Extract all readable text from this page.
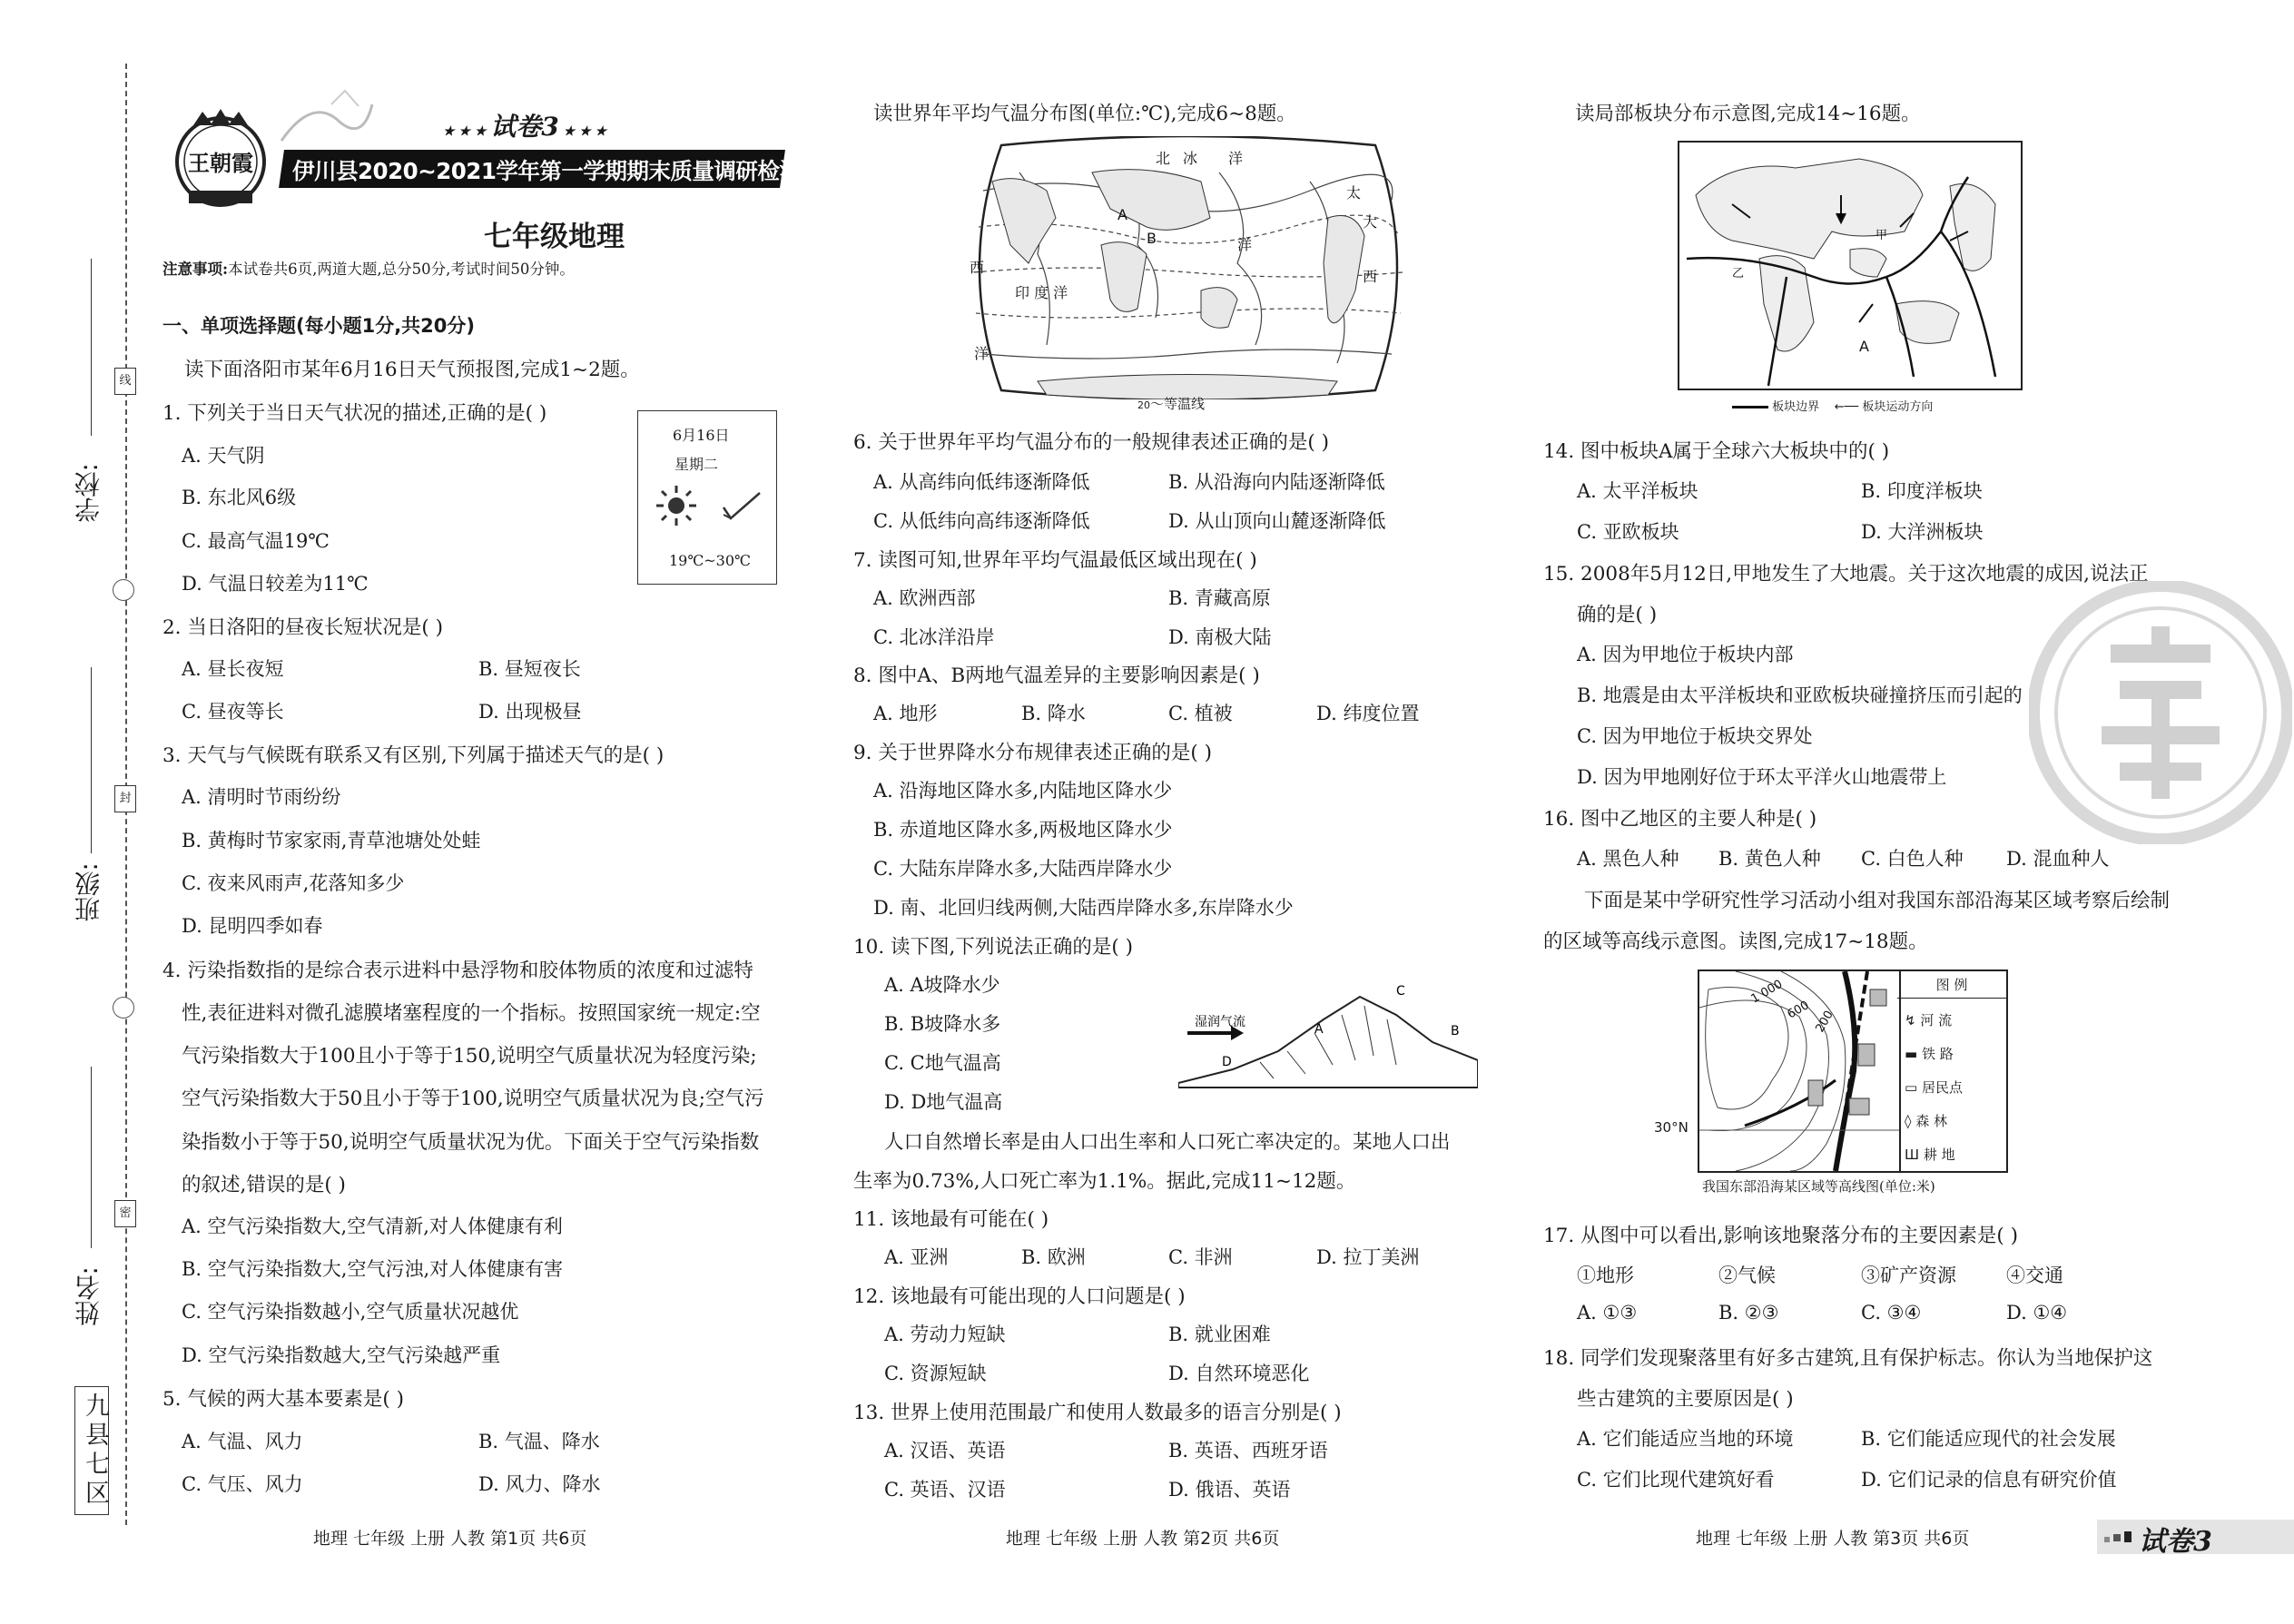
线
封
密
学校:
班级:
姓名:
九县七区
王朝霞
★ ★ ★ 试卷3 ★ ★ ★
伊川县2020~2021学年第一学期期末质量调研检测试卷
七年级地理
注意事项:本试卷共6页,两道大题,总分50分,考试时间50分钟。
一、单项选择题(每小题1分,共20分)
读下面洛阳市某年6月16日天气预报图,完成1~2题。
6月16日
星期二
19℃~30℃
1. 下列关于当日天气状况的描述,正确的是( )
A. 天气阴
B. 东北风6级
C. 最高气温19℃
D. 气温日较差为11℃
2. 当日洛阳的昼夜长短状况是( )
A. 昼长夜短	B. 昼短夜长
C. 昼夜等长	D. 出现极昼
3. 天气与气候既有联系又有区别,下列属于描述天气的是( )
A. 清明时节雨纷纷
B. 黄梅时节家家雨,青草池塘处处蛙
C. 夜来风雨声,花落知多少
D. 昆明四季如春
4. 污染指数指的是综合表示进料中悬浮物和胶体物质的浓度和过滤特
性,表征进料对微孔滤膜堵塞程度的一个指标。按照国家统一规定:空
气污染指数大于100且小于等于150,说明空气质量状况为轻度污染;
空气污染指数大于50且小于等于100,说明空气质量状况为良;空气污
染指数小于等于50,说明空气质量状况为优。下面关于空气污染指数
的叙述,错误的是( )
A. 空气污染指数大,空气清新,对人体健康有利
B. 空气污染指数大,空气污浊,对人体健康有害
C. 空气污染指数越小,空气质量状况越优
D. 空气污染指数越大,空气污染越严重
5. 气候的两大基本要素是( )
A. 气温、风力	B. 气温、降水
C. 气压、风力	D. 风力、降水
地理 七年级 上册 人教 第1页 共6页
读世界年平均气温分布图(单位:℃),完成6~8题。
北 冰 洋
太
洋
西
印 度 洋
大
西
洋
A
B
20～等温线
6. 关于世界年平均气温分布的一般规律表述正确的是( )
A. 从高纬向低纬逐渐降低	B. 从沿海向内陆逐渐降低
C. 从低纬向高纬逐渐降低	D. 从山顶向山麓逐渐降低
7. 读图可知,世界年平均气温最低区域出现在( )
A. 欧洲西部	B. 青藏高原
C. 北冰洋沿岸	D. 南极大陆
8. 图中A、B两地气温差异的主要影响因素是( )
A. 地形	B. 降水	C. 植被	D. 纬度位置
9. 关于世界降水分布规律表述正确的是( )
A. 沿海地区降水多,内陆地区降水少
B. 赤道地区降水多,两极地区降水少
C. 大陆东岸降水多,大陆西岸降水少
D. 南、北回归线两侧,大陆西岸降水多,东岸降水少
10. 读下图,下列说法正确的是( )
A. A坡降水少
B. B坡降水多
C. C地气温高
D. D地气温高
湿润气流	A	B
C
D
人口自然增长率是由人口出生率和人口死亡率决定的。某地人口出
生率为0.73%,人口死亡率为1.1%。据此,完成11~12题。
11. 该地最有可能在( )
A. 亚洲	B. 欧洲	C. 非洲	D. 拉丁美洲
12. 该地最有可能出现的人口问题是( )
A. 劳动力短缺	B. 就业困难
C. 资源短缺	D. 自然环境恶化
13. 世界上使用范围最广和使用人数最多的语言分别是( )
A. 汉语、英语	B. 英语、西班牙语
C. 英语、汉语	D. 俄语、英语
地理 七年级 上册 人教 第2页 共6页
读局部板块分布示意图,完成14~16题。
A
甲
乙
板块边界 ←── 板块运动方向
14. 图中板块A属于全球六大板块中的( )
A. 太平洋板块	B. 印度洋板块
C. 亚欧板块	D. 大洋洲板块
15. 2008年5月12日,甲地发生了大地震。关于这次地震的成因,说法正
确的是( )
A. 因为甲地位于板块内部
B. 地震是由太平洋板块和亚欧板块碰撞挤压而引起的
C. 因为甲地位于板块交界处
D. 因为甲地刚好位于环太平洋火山地震带上
16. 图中乙地区的主要人种是( )
A. 黑色人种 B. 黄色人种 C. 白色人种 D. 混血种人
下面是某中学研究性学习活动小组对我国东部沿海某区域考察后绘制
的区域等高线示意图。读图,完成17~18题。
1 000
600 200
图 例
↯ 河 流
▬ 铁 路
▭ 居民点
◊ 森 林
Ш 耕 地
30°N
我国东部沿海某区域等高线图(单位:米)
17. 从图中可以看出,影响该地聚落分布的主要因素是( )
①地形	②气候	③矿产资源	④交通
A. ①③	B. ②③	C. ③④	D. ①④
18. 同学们发现聚落里有好多古建筑,且有保护标志。你认为当地保护这
些古建筑的主要原因是( )
A. 它们能适应当地的环境	B. 它们能适应现代的社会发展
C. 它们比现代建筑好看	D. 它们记录的信息有研究价值
地理 七年级 上册 人教 第3页 共6页	试卷3
